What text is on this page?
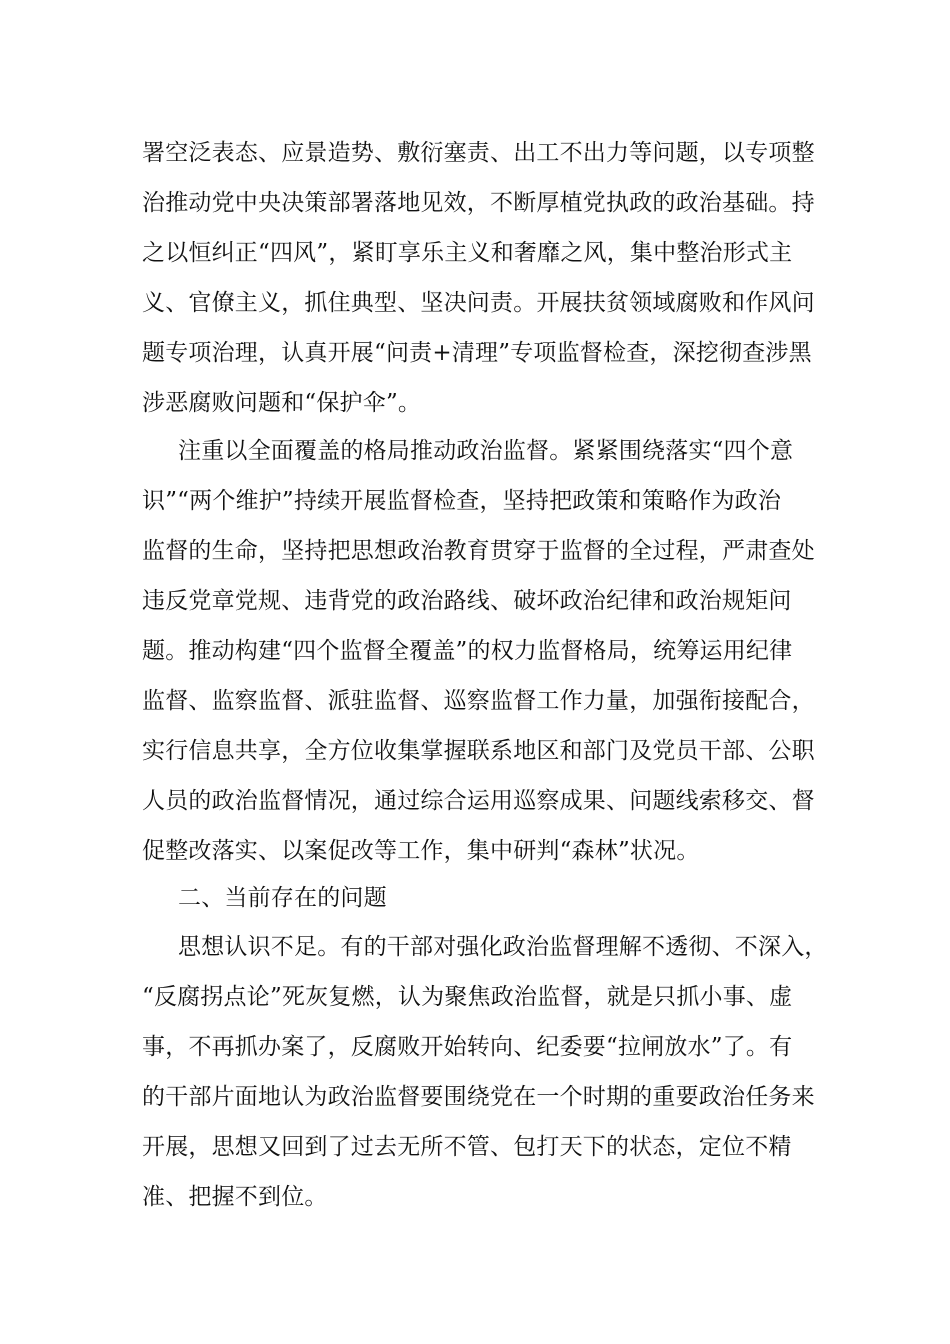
署空泛表态、应景造势、敷衍塞责、出工不出力等问题，以专项整
治推动党中央决策部署落地见效，不断厚植党执政的政治基础。持
之以恒纠正“四风”，紧盯享乐主义和奢靡之风，集中整治形式主
义、官僚主义，抓住典型、坚决问责。开展扶贫领域腐败和作风问
题专项治理，认真开展“问责+清理”专项监督检查，深挖彻查涉黑
涉恶腐败问题和“保护伞”。
注重以全面覆盖的格局推动政治监督。紧紧围绕落实“四个意
识”“两个维护”持续开展监督检查，坚持把政策和策略作为政治
监督的生命，坚持把思想政治教育贯穿于监督的全过程，严肃查处
违反党章党规、违背党的政治路线、破坏政治纪律和政治规矩问
题。推动构建“四个监督全覆盖”的权力监督格局，统筹运用纪律
监督、监察监督、派驻监督、巡察监督工作力量，加强衔接配合，
实行信息共享，全方位收集掌握联系地区和部门及党员干部、公职
人员的政治监督情况，通过综合运用巡察成果、问题线索移交、督
促整改落实、以案促改等工作，集中研判“森林”状况。
二、当前存在的问题
思想认识不足。有的干部对强化政治监督理解不透彻、不深入，
“反腐拐点论”死灰复燃，认为聚焦政治监督，就是只抓小事、虚
事，不再抓办案了，反腐败开始转向、纪委要“拉闸放水”了。有
的干部片面地认为政治监督要围绕党在一个时期的重要政治任务来
开展，思想又回到了过去无所不管、包打天下的状态，定位不精
准、把握不到位。
